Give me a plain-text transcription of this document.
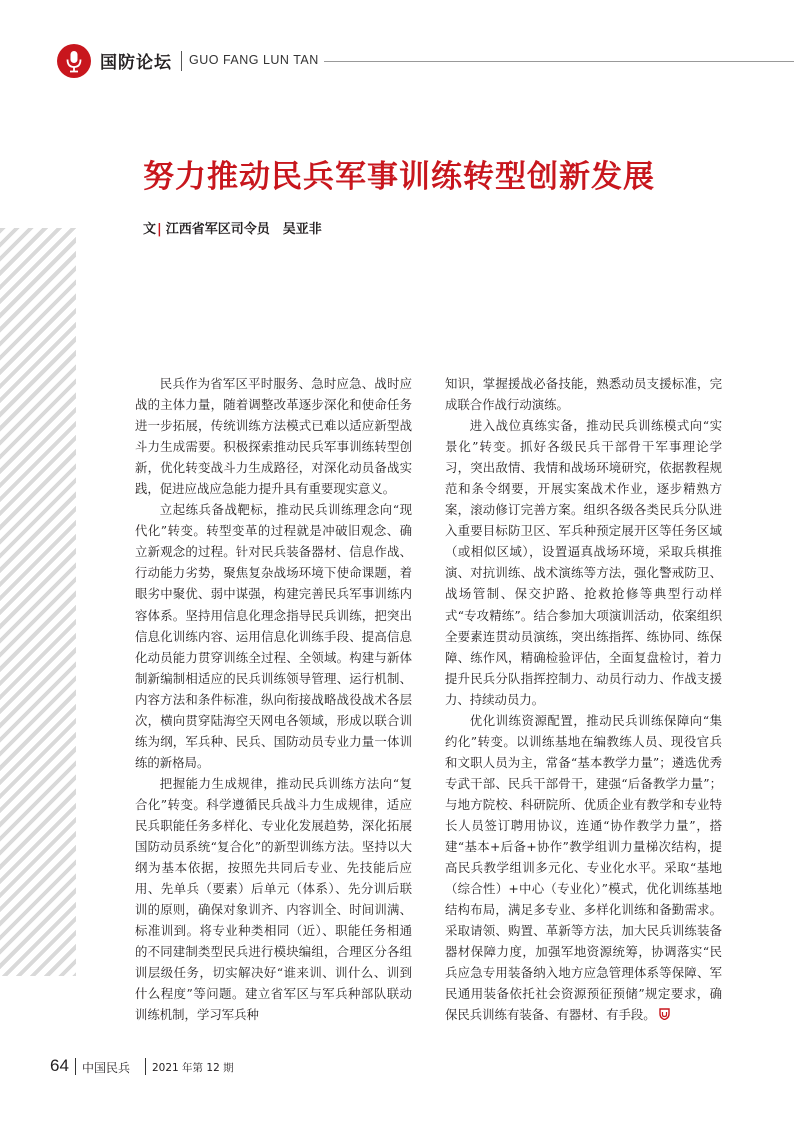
国防论坛 GUO FANG LUN TAN
努力推动民兵军事训练转型创新发展
文| 江西省军区司令员　吴亚非

民兵作为省军区平时服务、急时应急、战时应战的主体力量，随着调整改革逐步深化和使命任务进一步拓展，传统训练方法模式已难以适应新型战斗力生成需要。积极探索推动民兵军事训练转型创新，优化转变战斗力生成路径，对深化动员备战实践，促进应战应急能力提升具有重要现实意义。

立起练兵备战靶标，推动民兵训练理念向“现代化”转变。转型变革的过程就是冲破旧观念、确立新观念的过程。针对民兵装备器材、信息作战、行动能力劣势，聚焦复杂战场环境下使命课题，着眼劣中聚优、弱中谋强，构建完善民兵军事训练内容体系。坚持用信息化理念指导民兵训练，把突出信息化训练内容、运用信息化训练手段、提高信息化动员能力贯穿训练全过程、全领域。构建与新体制新编制相适应的民兵训练领导管理、运行机制、内容方法和条件标准，纵向衔接战略战役战术各层次，横向贯穿陆海空天网电各领域，形成以联合训练为纲，军兵种、民兵、国防动员专业力量一体训练的新格局。

把握能力生成规律，推动民兵训练方法向“复合化”转变。科学遵循民兵战斗力生成规律，适应民兵职能任务多样化、专业化发展趋势，深化拓展国防动员系统“复合化”的新型训练方法。坚持以大纲为基本依据，按照先共同后专业、先技能后应用、先单兵（要素）后单元（体系）、先分训后联训的原则，确保对象训齐、内容训全、时间训满、标准训到。将专业种类相同（近）、职能任务相通的不同建制类型民兵进行模块编组，合理区分各组训层级任务，切实解决好“谁来训、训什么、训到什么程度”等问题。建立省军区与军兵种部队联动训练机制，学习军兵种

知识，掌握援战必备技能，熟悉动员支援标准，完成联合作战行动演练。

进入战位真练实备，推动民兵训练模式向“实景化”转变。抓好各级民兵干部骨干军事理论学习，突出敌情、我情和战场环境研究，依据教程规范和条令纲要，开展实案战术作业，逐步精熟方案，滚动修订完善方案。组织各级各类民兵分队进入重要目标防卫区、军兵种预定展开区等任务区域（或相似区域），设置逼真战场环境，采取兵棋推演、对抗训练、战术演练等方法，强化警戒防卫、战场管制、保交护路、抢救抢修等典型行动样式“专攻精练”。结合参加大项演训活动，依案组织全要素连贯动员演练，突出练指挥、练协同、练保障、练作风，精确检验评估，全面复盘检讨，着力提升民兵分队指挥控制力、动员行动力、作战支援力、持续动员力。

优化训练资源配置，推动民兵训练保障向“集约化”转变。以训练基地在编教练人员、现役官兵和文职人员为主，常备“基本教学力量”；遴选优秀专武干部、民兵干部骨干，建强“后备教学力量”；与地方院校、科研院所、优质企业有教学和专业特长人员签订聘用协议，连通“协作教学力量”，搭建“基本+后备+协作”教学组训力量梯次结构，提高民兵教学组训多元化、专业化水平。采取“基地（综合性）+中心（专业化）”模式，优化训练基地结构布局，满足多专业、多样化训练和备勤需求。采取请领、购置、革新等方法，加大民兵训练装备器材保障力度，加强军地资源统筹，协调落实“民兵应急专用装备纳入地方应急管理体系等保障、军民通用装备依托社会资源预征预储”规定要求，确保民兵训练有装备、有器材、有手段。

64 中国民兵 2021 年第 12 期
